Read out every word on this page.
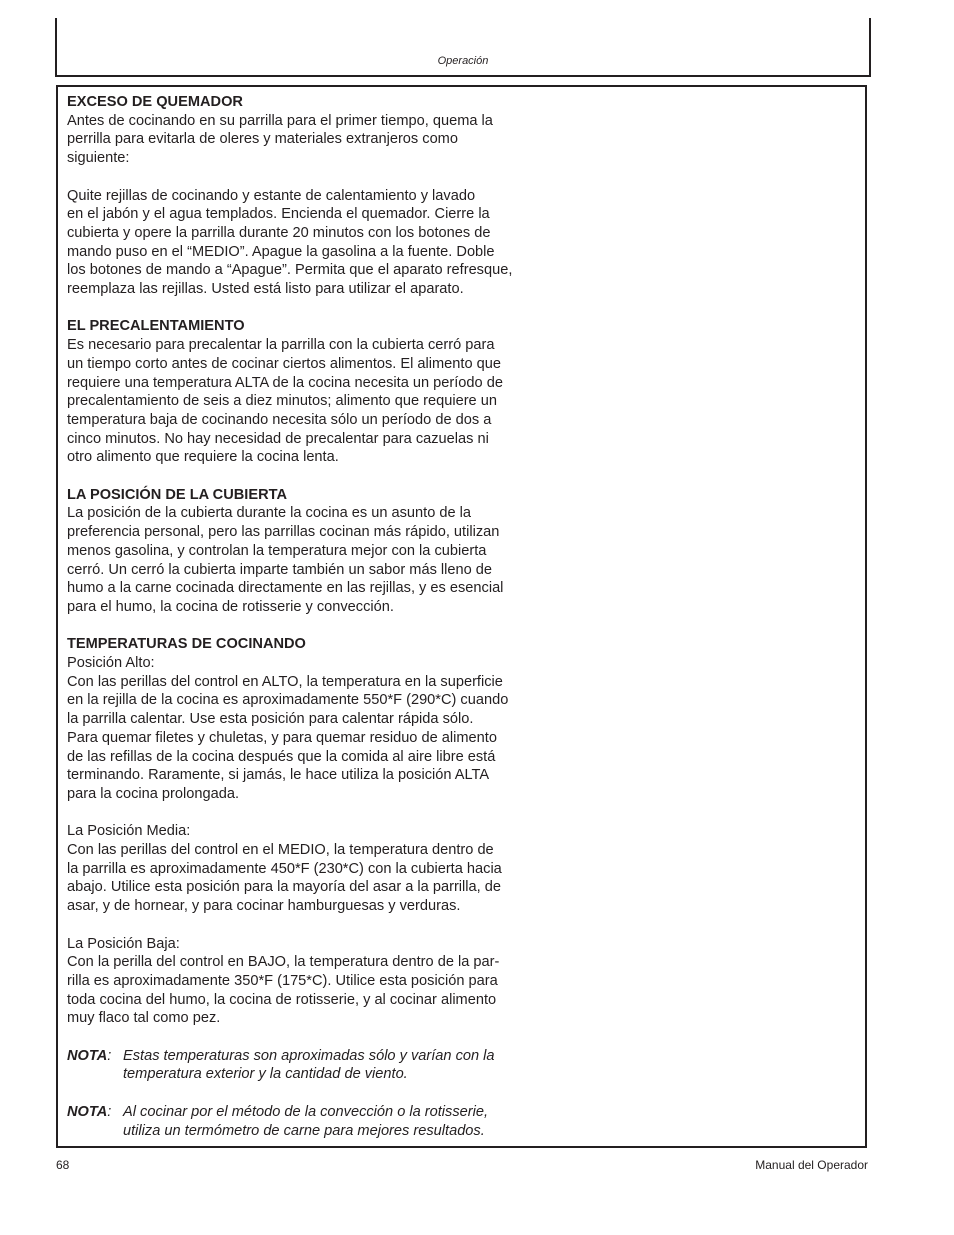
Operación
EXCESO DE QUEMADOR
Antes de cocinando en su parrilla para el primer tiempo, quema la
perrilla para evitarla de oleres y materiales extranjeros como
siguiente:
Quite rejillas de cocinando y estante de calentamiento y lavado
en el jabón y el agua templados. Encienda el quemador. Cierre la
cubierta y opere la parrilla durante 20 minutos con los botones de
mando puso en el “MEDIO”. Apague la gasolina a la fuente. Doble
los botones de mando a “Apague”. Permita que el aparato refresque,
reemplaza las rejillas. Usted está listo para utilizar el aparato.
EL PRECALENTAMIENTO
Es necesario para precalentar la parrilla con la cubierta cerró para
un tiempo corto antes de cocinar ciertos alimentos. El alimento que
requiere una temperatura ALTA de la cocina necesita un período de
precalentamiento de seis a diez minutos; alimento que requiere un
temperatura baja de cocinando necesita sólo un período de dos a
cinco minutos. No hay necesidad de precalentar para cazuelas ni
otro alimento que requiere la cocina lenta.
LA POSICIÓN DE LA CUBIERTA
La posición de la cubierta durante la cocina es un asunto de la
preferencia personal, pero las parrillas cocinan más rápido, utilizan
menos gasolina, y controlan la temperatura mejor con la cubierta
cerró. Un cerró la cubierta imparte también un sabor más lleno de
humo a la carne cocinada directamente en las rejillas, y es esencial
para el humo, la cocina de rotisserie y convección.
TEMPERATURAS DE COCINANDO
Posición Alto:
Con las perillas del control en ALTO, la temperatura en la superficie
en la rejilla de la cocina es aproximadamente 550*F (290*C) cuando
la parrilla calentar. Use esta posición para calentar rápida sólo.
Para quemar filetes y chuletas, y para quemar residuo de alimento
de las refillas de la cocina después que la comida al aire libre está
terminando. Raramente, si jamás, le hace utiliza la posición ALTA
para la cocina prolongada.
La Posición Media:
Con las perillas del control en el MEDIO, la temperatura dentro de
la parrilla es aproximadamente 450*F (230*C) con la cubierta hacia
abajo. Utilice esta posición para la mayoría del asar a la parrilla, de
asar, y de hornear, y para cocinar hamburguesas y verduras.
La Posición Baja:
Con la perilla del control en BAJO, la temperatura dentro de la par-
rilla es aproximadamente 350*F (175*C). Utilice esta posición para
toda cocina del humo, la cocina de rotisserie, y al cocinar alimento
muy flaco tal como pez.
NOTA: Estas temperaturas son aproximadas sólo y varían con la
temperatura exterior y la cantidad de viento.
NOTA: Al cocinar por el método de la convección o la rotisserie,
utiliza un termómetro de carne para mejores resultados.
68	Manual del Operador
